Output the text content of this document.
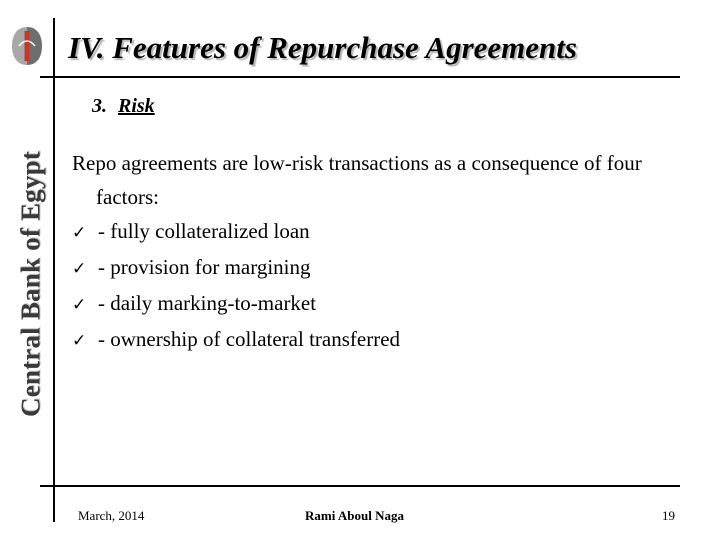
Central Bank of Egypt
IV. Features of Repurchase Agreements
3. Risk
Repo agreements are low-risk transactions as a consequence of four factors:
✓ - fully collateralized loan
✓ - provision for margining
✓ - daily marking-to-market
✓ - ownership of collateral transferred
March, 2014	Rami Aboul Naga	19
